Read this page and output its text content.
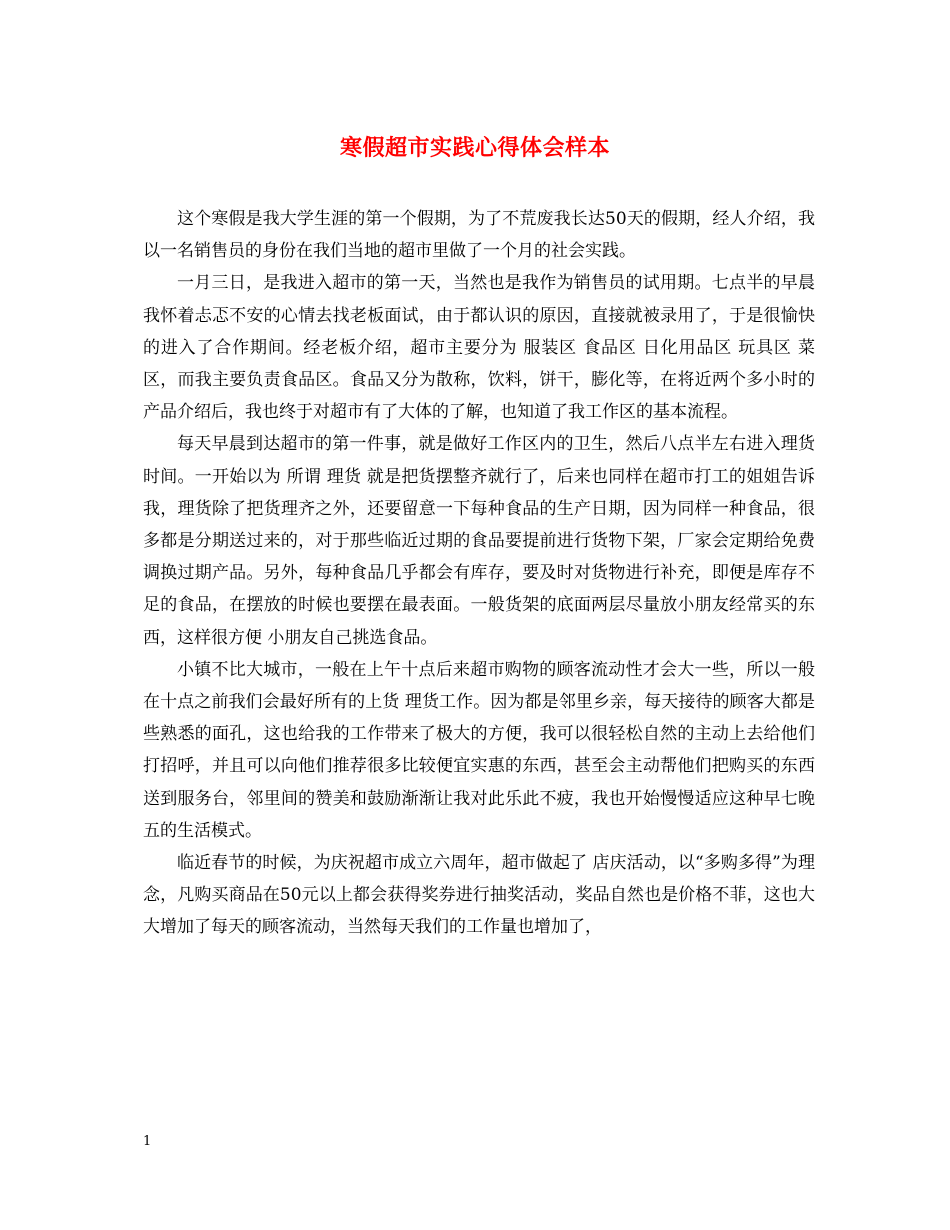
寒假超市实践心得体会样本

这个寒假是我大学生涯的第一个假期，为了不荒废我长达50天的假期，经人介绍，我以一名销售员的身份在我们当地的超市里做了一个月的社会实践。

一月三日，是我进入超市的第一天，当然也是我作为销售员的试用期。七点半的早晨我怀着忐忑不安的心情去找老板面试，由于都认识的原因，直接就被录用了，于是很愉快的进入了合作期间。经老板介绍，超市主要分为 服装区 食品区 日化用品区 玩具区 菜区，而我主要负责食品区。食品又分为散称，饮料，饼干，膨化等，在将近两个多小时的产品介绍后，我也终于对超市有了大体的了解，也知道了我工作区的基本流程。

每天早晨到达超市的第一件事，就是做好工作区内的卫生，然后八点半左右进入理货时间。一开始以为 所谓 理货 就是把货摆整齐就行了，后来也同样在超市打工的姐姐告诉我，理货除了把货理齐之外，还要留意一下每种食品的生产日期，因为同样一种食品，很多都是分期送过来的，对于那些临近过期的食品要提前进行货物下架，厂家会定期给免费调换过期产品。另外，每种食品几乎都会有库存，要及时对货物进行补充，即便是库存不足的食品，在摆放的时候也要摆在最表面。一般货架的底面两层尽量放小朋友经常买的东西，这样很方便 小朋友自己挑选食品。

小镇不比大城市，一般在上午十点后来超市购物的顾客流动性才会大一些，所以一般在十点之前我们会最好所有的上货 理货工作。因为都是邻里乡亲，每天接待的顾客大都是些熟悉的面孔，这也给我的工作带来了极大的方便，我可以很轻松自然的主动上去给他们打招呼，并且可以向他们推荐很多比较便宜实惠的东西，甚至会主动帮他们把购买的东西送到服务台，邻里间的赞美和鼓励渐渐让我对此乐此不疲，我也开始慢慢适应这种早七晚五的生活模式。

临近春节的时候，为庆祝超市成立六周年，超市做起了 店庆活动，以“多购多得”为理念，凡购买商品在50元以上都会获得奖券进行抽奖活动，奖品自然也是价格不菲，这也大大增加了每天的顾客流动，当然每天我们的工作量也增加了，

1
